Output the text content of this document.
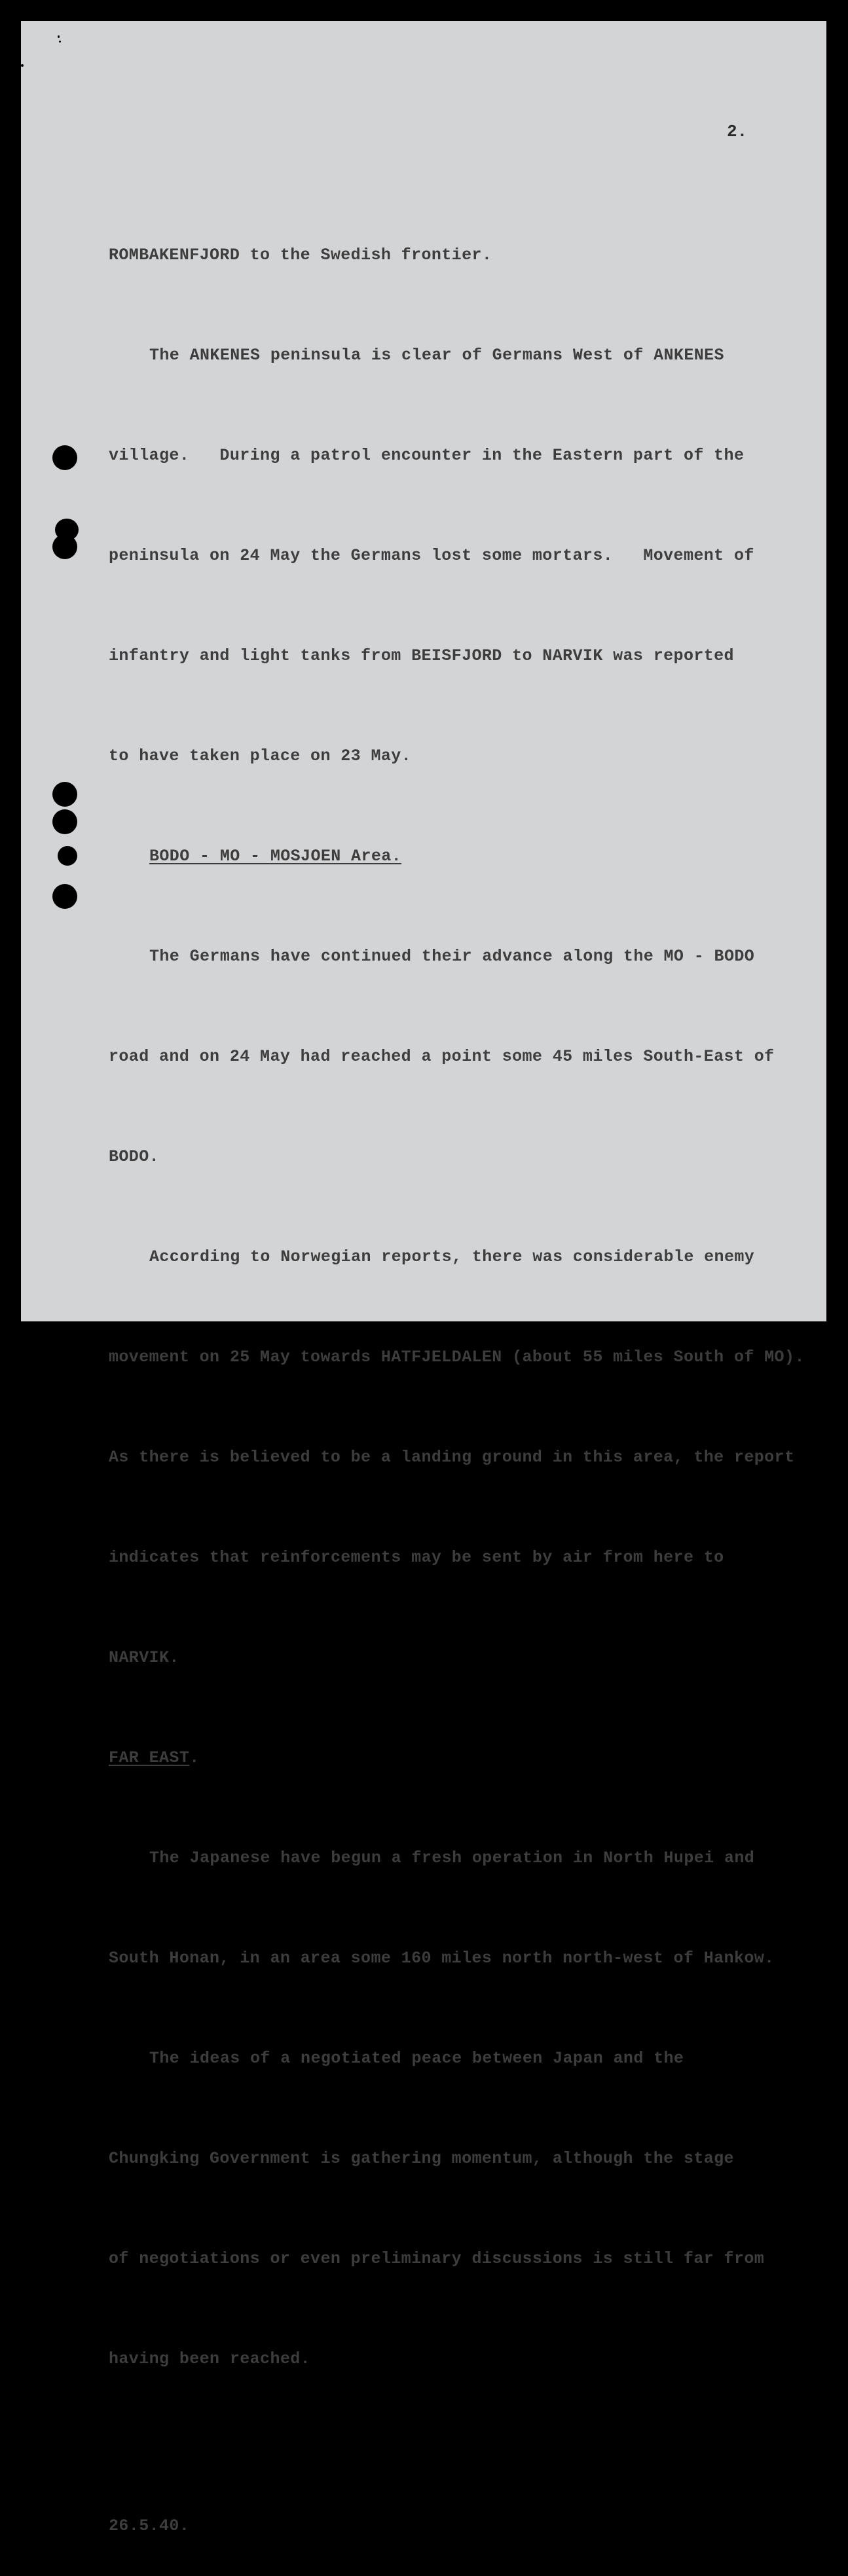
2.

ROMBAKENFJORD to the Swedish frontier.

The ANKENES peninsula is clear of Germans West of ANKENES

village.   During a patrol encounter in the Eastern part of the

peninsula on 24 May the Germans lost some mortars.   Movement of

infantry and light tanks from BEISFJORD to NARVIK was reported

to have taken place on 23 May.

BODO - MO - MOSJOEN Area.

The Germans have continued their advance along the MO - BODO

road and on 24 May had reached a point some 45 miles South-East of

BODO.

According to Norwegian reports, there was considerable enemy

movement on 25 May towards HATFJELDALEN (about 55 miles South of MO).

As there is believed to be a landing ground in this area, the report

indicates that reinforcements may be sent by air from here to

NARVIK.

FAR EAST.

The Japanese have begun a fresh operation in North Hupei and

South Honan, in an area some 160 miles north north-west of Hankow.

The ideas of a negotiated peace between Japan and the

Chungking Government is gathering momentum, although the stage

of negotiations or even preliminary discussions is still far from

having been reached.

26.5.40.
